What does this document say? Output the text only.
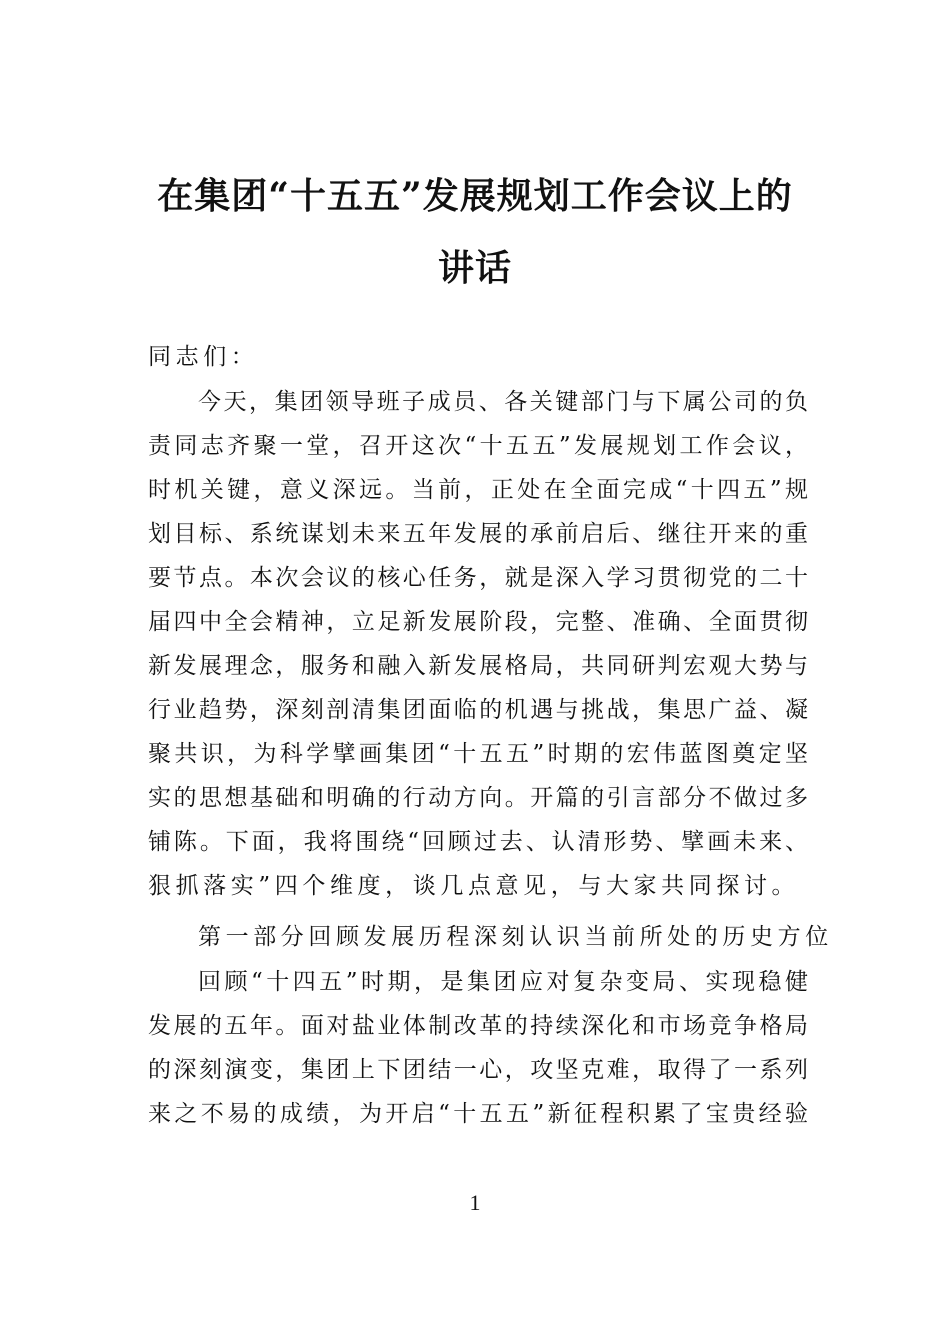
在集团“十五五”发展规划工作会议上的
讲话
同志们：
今天，集团领导班子成员、各关键部门与下属公司的负
责同志齐聚一堂，召开这次“十五五”发展规划工作会议，
时机关键，意义深远。当前，正处在全面完成“十四五”规
划目标、系统谋划未来五年发展的承前启后、继往开来的重
要节点。本次会议的核心任务，就是深入学习贯彻党的二十
届四中全会精神，立足新发展阶段，完整、准确、全面贯彻
新发展理念，服务和融入新发展格局，共同研判宏观大势与
行业趋势，深刻剖清集团面临的机遇与挑战，集思广益、凝
聚共识，为科学擘画集团“十五五”时期的宏伟蓝图奠定坚
实的思想基础和明确的行动方向。开篇的引言部分不做过多
铺陈。下面，我将围绕“回顾过去、认清形势、擘画未来、
狠抓落实”四个维度，谈几点意见，与大家共同探讨。
第一部分回顾发展历程深刻认识当前所处的历史方位
回顾“十四五”时期，是集团应对复杂变局、实现稳健
发展的五年。面对盐业体制改革的持续深化和市场竞争格局
的深刻演变，集团上下团结一心，攻坚克难，取得了一系列
来之不易的成绩，为开启“十五五”新征程积累了宝贵经验
1
